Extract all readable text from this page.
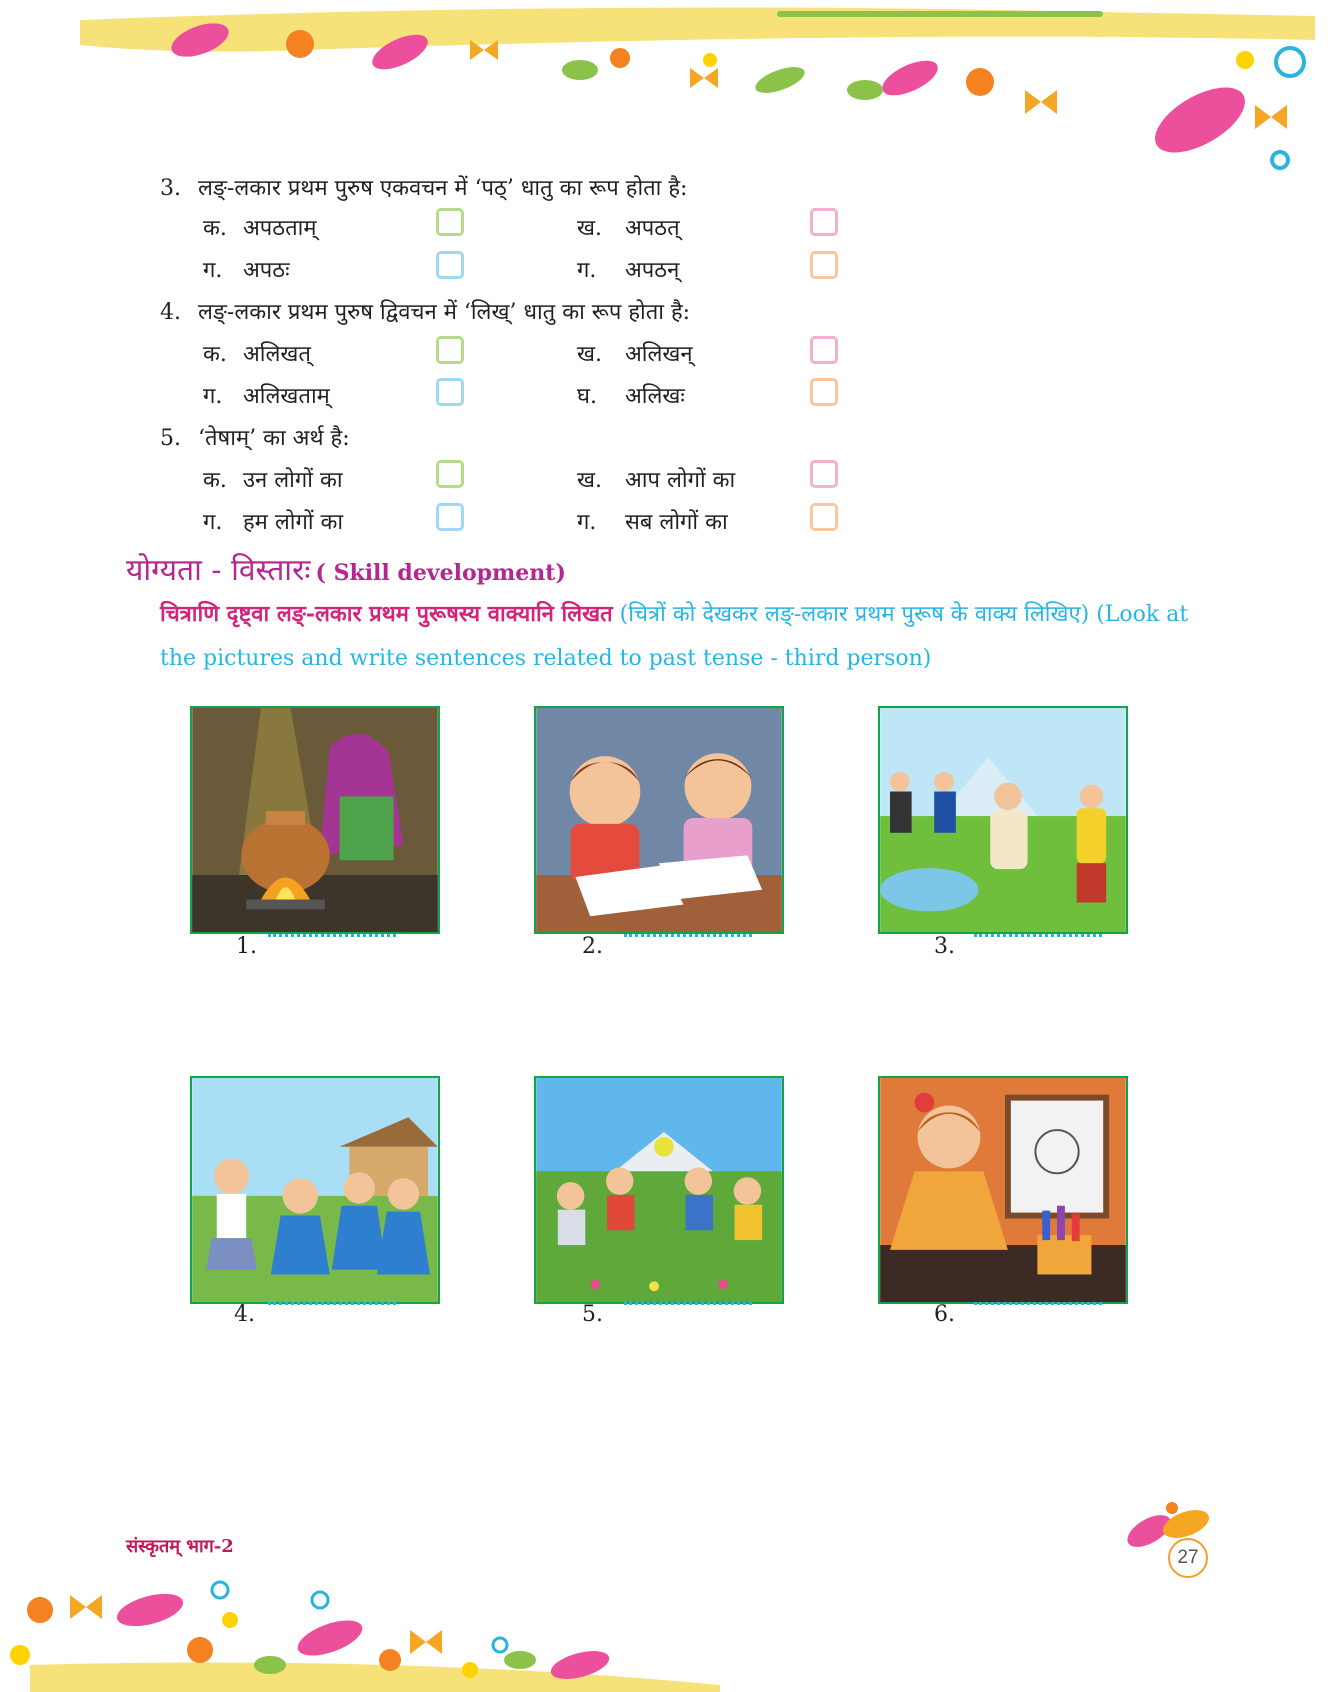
3. लङ्-लकार प्रथम पुरुष एकवचन में ‘पठ्’ धातु का रूप होता है:
क. अपठताम्	ख. अपठत्
ग. अपठः	ग. अपठन्
4. लङ्-लकार प्रथम पुरुष द्विवचन में ‘लिख्’ धातु का रूप होता है:
क. अलिखत्	ख. अलिखन्
ग. अलिखताम्	घ. अलिखः
5. ‘तेषाम्’ का अर्थ है:
क. उन लोगों का	ख. आप लोगों का
ग. हम लोगों का	ग. सब लोगों का
योग्यता - विस्तारः ( Skill development)
चित्राणि दृष्ट्वा लङ्-लकार प्रथम पुरूषस्य वाक्यानि लिखत (चित्रों को देखकर लङ्-लकार प्रथम पुरूष के वाक्य लिखिए) (Look at the pictures and write sentences related to past tense - third person)
1.	2.	3.
4.	5.	6.
संस्कृतम् भाग-2
27
